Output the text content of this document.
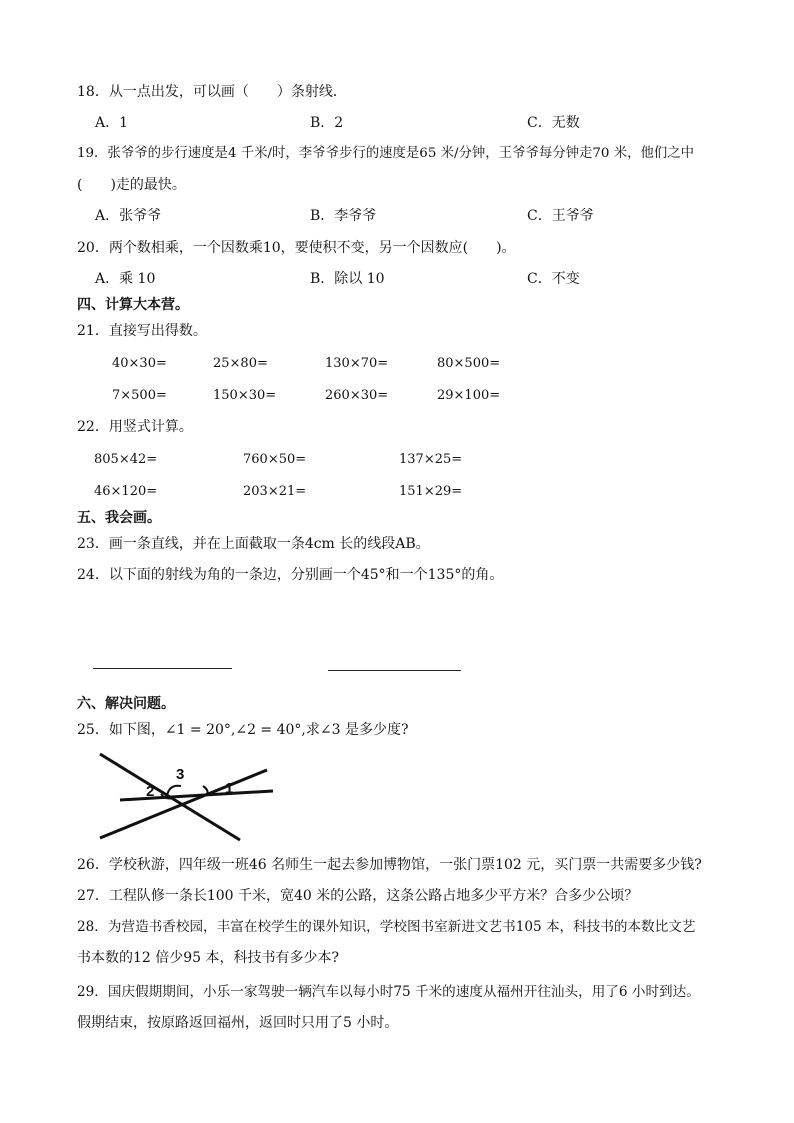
18．从一点出发，可以画（　　）条射线．
A．1	B．2	C．无数
19．张爷爷的步行速度是4 千米/时，李爷爷步行的速度是65 米/分钟，王爷爷每分钟走70 米，他们之中
(　　)走的最快。
A．张爷爷	B．李爷爷	C．王爷爷
20．两个数相乘，一个因数乘10，要使积不变，另一个因数应(　　)。
A．乘 10	B．除以 10	C．不变
四、计算大本营。
21．直接写出得数。
40×30=	25×80=	130×70=	80×500=
7×500=	150×30=	260×30=	29×100=
22．用竖式计算。
805×42=	760×50=	137×25=
46×120=	203×21=	151×29=
五、我会画。
23．画一条直线，并在上面截取一条4cm 长的线段AB。
24．以下面的射线为角的一条边，分别画一个45°和一个135°的角。
六、解决问题。
25．如下图，∠1 = 20°,∠2 = 40°,求∠3 是多少度?
2
3
1
26．学校秋游，四年级一班46 名师生一起去参加博物馆，一张门票102 元，买门票一共需要多少钱?
27．工程队修一条长100 千米，宽40 米的公路，这条公路占地多少平方米？合多少公顷？
28．为营造书香校园，丰富在校学生的课外知识，学校图书室新进文艺书105 本，科技书的本数比文艺
书本数的12 倍少95 本，科技书有多少本?
29．国庆假期期间，小乐一家驾驶一辆汽车以每小时75 千米的速度从福州开往汕头，用了6 小时到达。
假期结束，按原路返回福州，返回时只用了5 小时。
